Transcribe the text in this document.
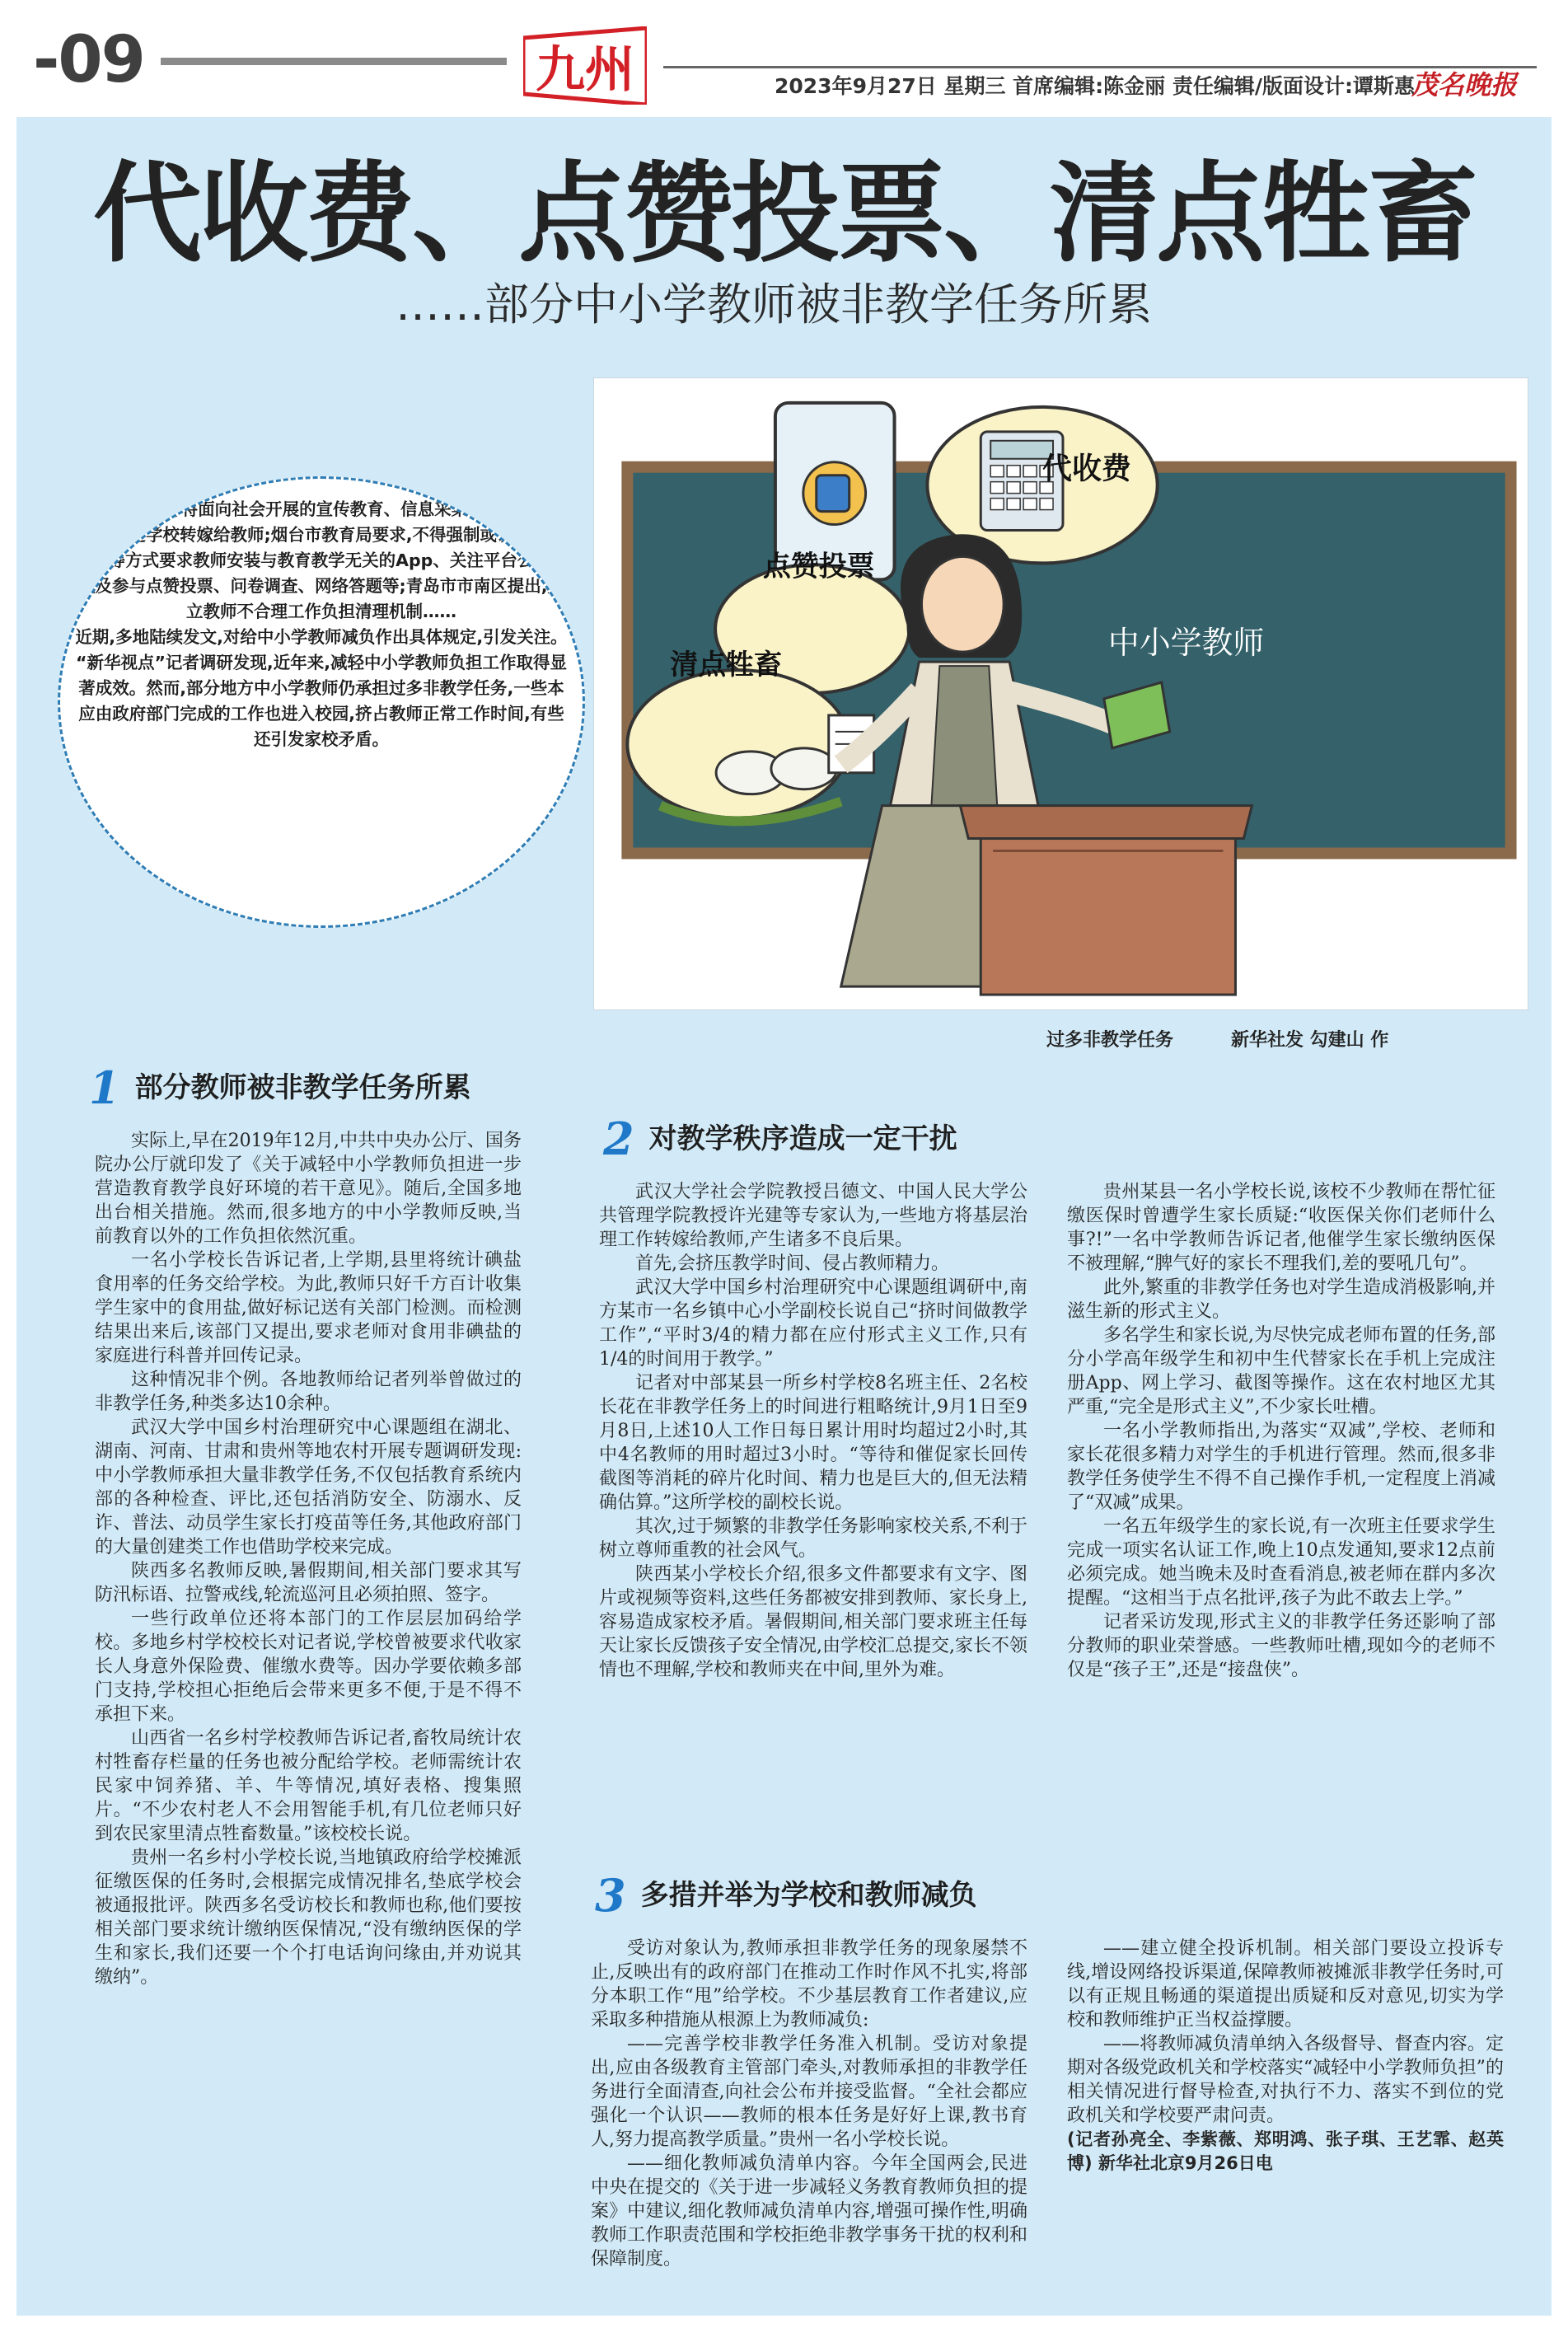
-09	九州	2023年9月27日 星期三 首席编辑:陈金丽 责任编辑/版面设计:谭斯惠
茂名晚报
代收费、点赞投票、清点牲畜
……部分中小学教师被非教学任务所累
点赞投票
代收费
清点牲畜
中小学教师
过多非教学任务	新华社发 勾建山 作

长沙规定,不得将面向社会开展的宣传教育、信息采集和调查统计等事项通过学校转嫁给教师;烟台市教育局要求,不得强制或以与考核挂钩等方式要求教师安装与教育教学无关的App、关注平台公众号以及参与点赞投票、问卷调查、网络答题等;青岛市市南区提出,建立教师不合理工作负担清理机制……

近期,多地陆续发文,对给中小学教师减负作出具体规定,引发关注。

“新华视点”记者调研发现,近年来,减轻中小学教师负担工作取得显著成效。然而,部分地方中小学教师仍承担过多非教学任务,一些本应由政府部门完成的工作也进入校园,挤占教师正常工作时间,有些还引发家校矛盾。

1 部分教师被非教学任务所累

实际上,早在2019年12月,中共中央办公厅、国务院办公厅就印发了《关于减轻中小学教师负担进一步营造教育教学良好环境的若干意见》。随后,全国多地出台相关措施。然而,很多地方的中小学教师反映,当前教育以外的工作负担依然沉重。

一名小学校长告诉记者,上学期,县里将统计碘盐食用率的任务交给学校。为此,教师只好千方百计收集学生家中的食用盐,做好标记送有关部门检测。而检测结果出来后,该部门又提出,要求老师对食用非碘盐的家庭进行科普并回传记录。

这种情况非个例。各地教师给记者列举曾做过的非教学任务,种类多达10余种。

武汉大学中国乡村治理研究中心课题组在湖北、湖南、河南、甘肃和贵州等地农村开展专题调研发现:中小学教师承担大量非教学任务,不仅包括教育系统内部的各种检查、评比,还包括消防安全、防溺水、反诈、普法、动员学生家长打疫苗等任务,其他政府部门的大量创建类工作也借助学校来完成。

陕西多名教师反映,暑假期间,相关部门要求其写防汛标语、拉警戒线,轮流巡河且必须拍照、签字。

一些行政单位还将本部门的工作层层加码给学校。多地乡村学校校长对记者说,学校曾被要求代收家长人身意外保险费、催缴水费等。因办学要依赖多部门支持,学校担心拒绝后会带来更多不便,于是不得不承担下来。

山西省一名乡村学校教师告诉记者,畜牧局统计农村牲畜存栏量的任务也被分配给学校。老师需统计农民家中饲养猪、羊、牛等情况,填好表格、搜集照片。“不少农村老人不会用智能手机,有几位老师只好到农民家里清点牲畜数量。”该校校长说。

贵州一名乡村小学校长说,当地镇政府给学校摊派征缴医保的任务时,会根据完成情况排名,垫底学校会被通报批评。陕西多名受访校长和教师也称,他们要按相关部门要求统计缴纳医保情况,“没有缴纳医保的学生和家长,我们还要一个个打电话询问缘由,并劝说其缴纳”。

2 对教学秩序造成一定干扰

武汉大学社会学院教授吕德文、中国人民大学公共管理学院教授许光建等专家认为,一些地方将基层治理工作转嫁给教师,产生诸多不良后果。

首先,会挤压教学时间、侵占教师精力。

武汉大学中国乡村治理研究中心课题组调研中,南方某市一名乡镇中心小学副校长说自己“挤时间做教学工作”,“平时3/4的精力都在应付形式主义工作,只有1/4的时间用于教学。”

记者对中部某县一所乡村学校8名班主任、2名校长花在非教学任务上的时间进行粗略统计,9月1日至9月8日,上述10人工作日每日累计用时均超过2小时,其中4名教师的用时超过3小时。“等待和催促家长回传截图等消耗的碎片化时间、精力也是巨大的,但无法精确估算。”这所学校的副校长说。

其次,过于频繁的非教学任务影响家校关系,不利于树立尊师重教的社会风气。

陕西某小学校长介绍,很多文件都要求有文字、图片或视频等资料,这些任务都被安排到教师、家长身上,容易造成家校矛盾。暑假期间,相关部门要求班主任每天让家长反馈孩子安全情况,由学校汇总提交,家长不领情也不理解,学校和教师夹在中间,里外为难。

贵州某县一名小学校长说,该校不少教师在帮忙征缴医保时曾遭学生家长质疑:“收医保关你们老师什么事?!”一名中学教师告诉记者,他催学生家长缴纳医保不被理解,“脾气好的家长不理我们,差的要吼几句”。

此外,繁重的非教学任务也对学生造成消极影响,并滋生新的形式主义。

多名学生和家长说,为尽快完成老师布置的任务,部分小学高年级学生和初中生代替家长在手机上完成注册App、网上学习、截图等操作。这在农村地区尤其严重,“完全是形式主义”,不少家长吐槽。

一名小学教师指出,为落实“双减”,学校、老师和家长花很多精力对学生的手机进行管理。然而,很多非教学任务使学生不得不自己操作手机,一定程度上消减了“双减”成果。

一名五年级学生的家长说,有一次班主任要求学生完成一项实名认证工作,晚上10点发通知,要求12点前必须完成。她当晚未及时查看消息,被老师在群内多次提醒。“这相当于点名批评,孩子为此不敢去上学。”

记者采访发现,形式主义的非教学任务还影响了部分教师的职业荣誉感。一些教师吐槽,现如今的老师不仅是“孩子王”,还是“接盘侠”。

3 多措并举为学校和教师减负

受访对象认为,教师承担非教学任务的现象屡禁不止,反映出有的政府部门在推动工作时作风不扎实,将部分本职工作“甩”给学校。不少基层教育工作者建议,应采取多种措施从根源上为教师减负:

——完善学校非教学任务准入机制。受访对象提出,应由各级教育主管部门牵头,对教师承担的非教学任务进行全面清查,向社会公布并接受监督。“全社会都应强化一个认识——教师的根本任务是好好上课,教书育人,努力提高教学质量。”贵州一名小学校长说。

——细化教师减负清单内容。今年全国两会,民进中央在提交的《关于进一步减轻义务教育教师负担的提案》中建议,细化教师减负清单内容,增强可操作性,明确教师工作职责范围和学校拒绝非教学事务干扰的权利和保障制度。

——建立健全投诉机制。相关部门要设立投诉专线,增设网络投诉渠道,保障教师被摊派非教学任务时,可以有正规且畅通的渠道提出质疑和反对意见,切实为学校和教师维护正当权益撑腰。

——将教师减负清单纳入各级督导、督查内容。定期对各级党政机关和学校落实“减轻中小学教师负担”的相关情况进行督导检查,对执行不力、落实不到位的党政机关和学校要严肃问责。

(记者孙亮全、李紫薇、郑明鸿、张子琪、王艺霏、赵英博) 新华社北京9月26日电
